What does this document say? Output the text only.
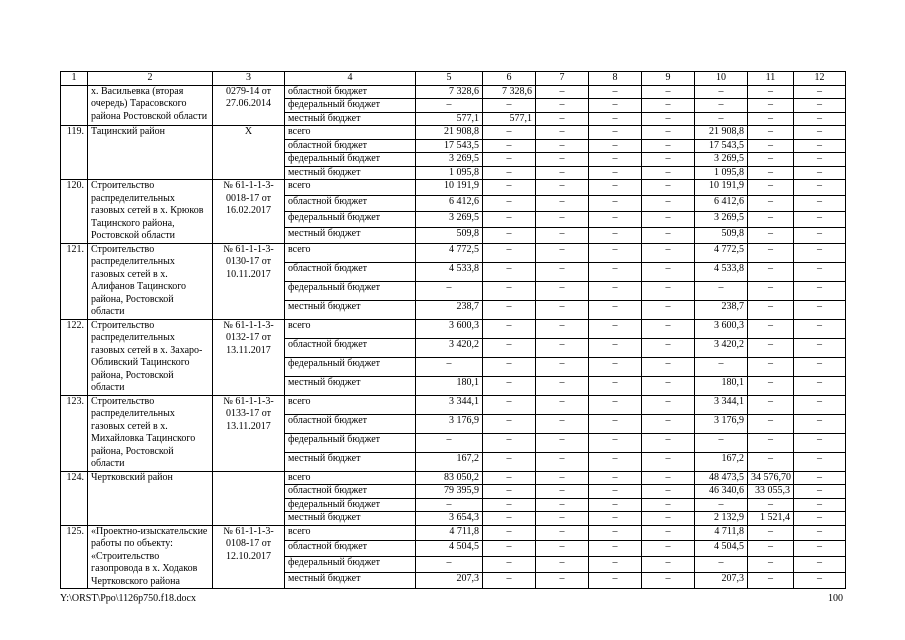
1	2	3	4	5	6	7	8	9	10	11	12
	х. Васильевка (вторая очередь) Тарасовского района Ростовской области	0279-14 от 27.06.2014	областной бюджет	7 328,6	7 328,6	–	–	–	–	–	–
			федеральный бюджет	–	–	–	–	–	–	–	–
			местный бюджет	577,1	577,1	–	–	–	–	–	–
119.	Тацинский район	Х	всего	21 908,8	–	–	–	–	21 908,8	–	–
			областной бюджет	17 543,5	–	–	–	–	17 543,5	–	–
			федеральный бюджет	3 269,5	–	–	–	–	3 269,5	–	–
			местный бюджет	1 095,8	–	–	–	–	1 095,8	–	–
120.	Строительство распределительных газовых сетей в х. Крюков Тацинского района, Ростовской области	№ 61-1-1-3-0018-17 от 16.02.2017	всего	10 191,9	–	–	–	–	10 191,9	–	–
			областной бюджет	6 412,6	–	–	–	–	6 412,6	–	–
			федеральный бюджет	3 269,5	–	–	–	–	3 269,5	–	–
			местный бюджет	509,8	–	–	–	–	509,8	–	–
121.	Строительство распределительных газовых сетей в х. Алифанов Тацинского района, Ростовской области	№ 61-1-1-3-0130-17 от 10.11.2017	всего	4 772,5	–	–	–	–	4 772,5	–	–
			областной бюджет	4 533,8	–	–	–	–	4 533,8	–	–
			федеральный бюджет	–	–	–	–	–	–	–	–
			местный бюджет	238,7	–	–	–	–	238,7	–	–
122.	Строительство распределительных газовых сетей в х. Захаро-Обливский Тацинского района, Ростовской области	№ 61-1-1-3-0132-17 от 13.11.2017	всего	3 600,3	–	–	–	–	3 600,3	–	–
			областной бюджет	3 420,2	–	–	–	–	3 420,2	–	–
			федеральный бюджет	–	–	–	–	–	–	–	–
			местный бюджет	180,1	–	–	–	–	180,1	–	–
123.	Строительство распределительных газовых сетей в х. Михайловка Тацинского района, Ростовской области	№ 61-1-1-3-0133-17 от 13.11.2017	всего	3 344,1	–	–	–	–	3 344,1	–	–
			областной бюджет	3 176,9	–	–	–	–	3 176,9	–	–
			федеральный бюджет	–	–	–	–	–	–	–	–
			местный бюджет	167,2	–	–	–	–	167,2	–	–
124.	Чертковский район		всего	83 050,2	–	–	–	–	48 473,5	34 576,70	–
			областной бюджет	79 395,9	–	–	–	–	46 340,6	33 055,3	–
			федеральный бюджет	–	–	–	–	–	–	–	–
			местный бюджет	3 654,3	–	–	–	–	2 132,9	1 521,4	–
125.	«Проектно-изыскательские работы по объекту: «Строительство газопровода в х. Ходаков Чертковского района	№ 61-1-1-3-0108-17 от 12.10.2017	всего	4 711,8	–	–	–	–	4 711,8	–	–
			областной бюджет	4 504,5	–	–	–	–	4 504,5	–	–
			федеральный бюджет	–	–	–	–	–	–	–	–
			местный бюджет	207,3	–	–	–	–	207,3	–	–
Y:\ORST\Ppo\1126p750.f18.docx	100
